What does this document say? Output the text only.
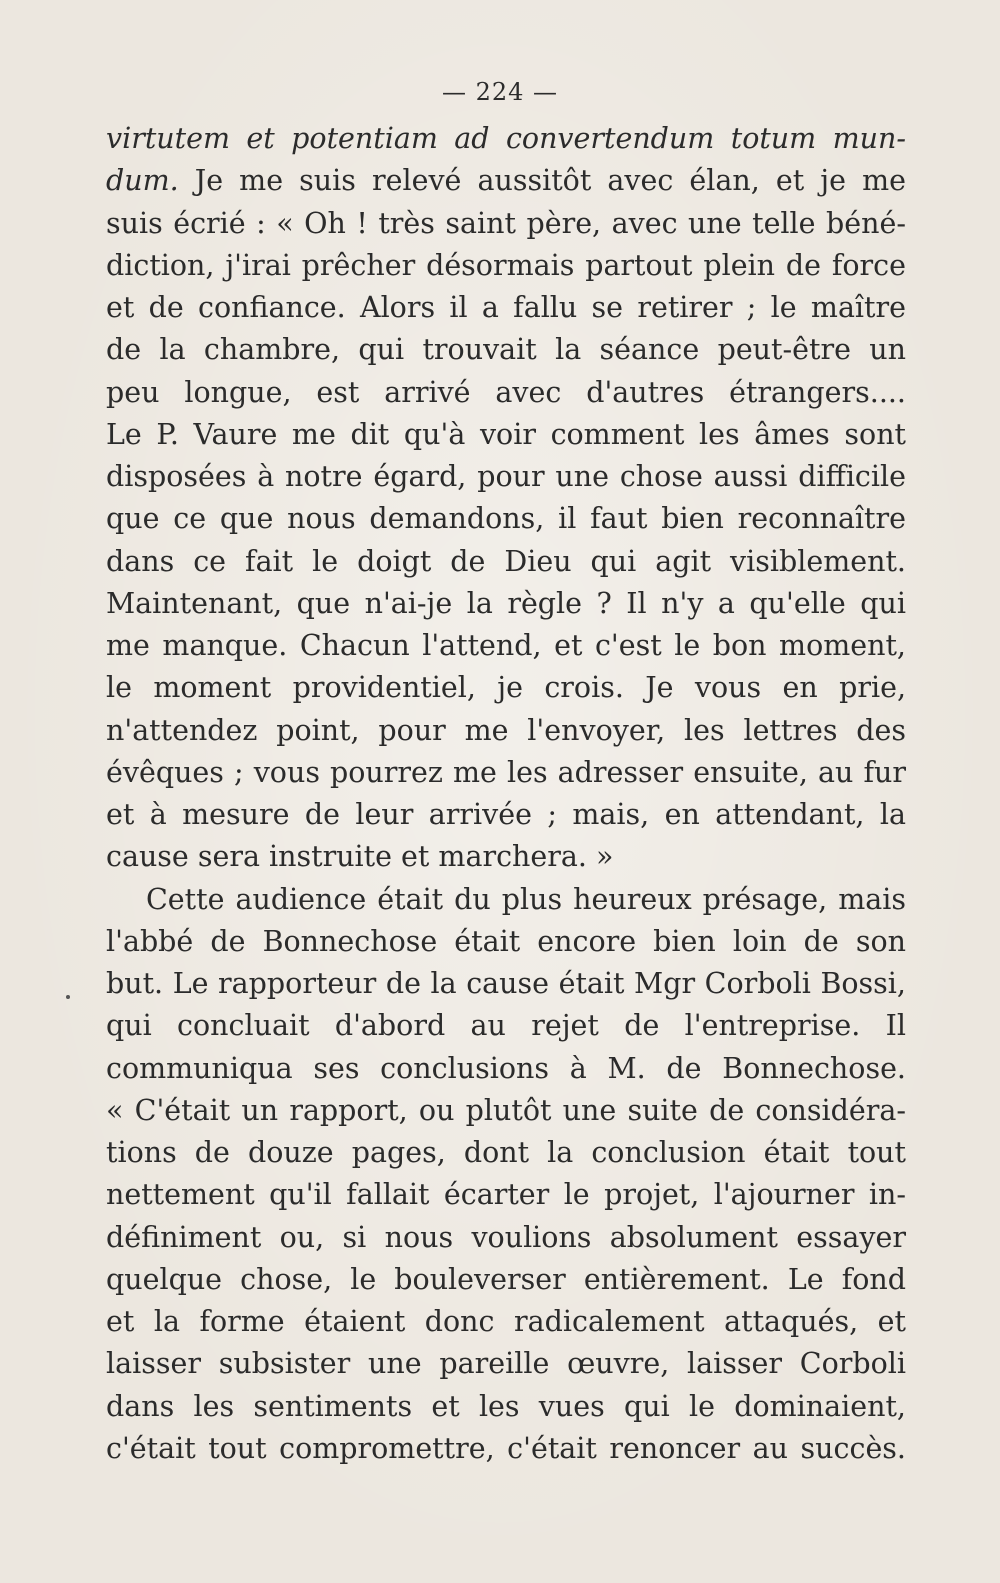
— 224 —
virtutem et potentiam ad convertendum totum mun-
dum. Je me suis relevé aussitôt avec élan, et je me
suis écrié : « Oh ! très saint père, avec une telle béné-
diction, j'irai prêcher désormais partout plein de force
et de confiance. Alors il a fallu se retirer ; le maître
de la chambre, qui trouvait la séance peut-être un
peu longue, est arrivé avec d'autres étrangers....
Le P. Vaure me dit qu'à voir comment les âmes sont
disposées à notre égard, pour une chose aussi difficile
que ce que nous demandons, il faut bien reconnaître
dans ce fait le doigt de Dieu qui agit visiblement.
Maintenant, que n'ai-je la règle ? Il n'y a qu'elle qui
me manque. Chacun l'attend, et c'est le bon moment,
le moment providentiel, je crois. Je vous en prie,
n'attendez point, pour me l'envoyer, les lettres des
évêques ; vous pourrez me les adresser ensuite, au fur
et à mesure de leur arrivée ; mais, en attendant, la
cause sera instruite et marchera. »
Cette audience était du plus heureux présage, mais
l'abbé de Bonnechose était encore bien loin de son
but. Le rapporteur de la cause était Mgr Corboli Bossi,
qui concluait d'abord au rejet de l'entreprise. Il
communiqua ses conclusions à M. de Bonnechose.
« C'était un rapport, ou plutôt une suite de considéra-
tions de douze pages, dont la conclusion était tout
nettement qu'il fallait écarter le projet, l'ajourner in-
définiment ou, si nous voulions absolument essayer
quelque chose, le bouleverser entièrement. Le fond
et la forme étaient donc radicalement attaqués, et
laisser subsister une pareille œuvre, laisser Corboli
dans les sentiments et les vues qui le dominaient,
c'était tout compromettre, c'était renoncer au succès.
